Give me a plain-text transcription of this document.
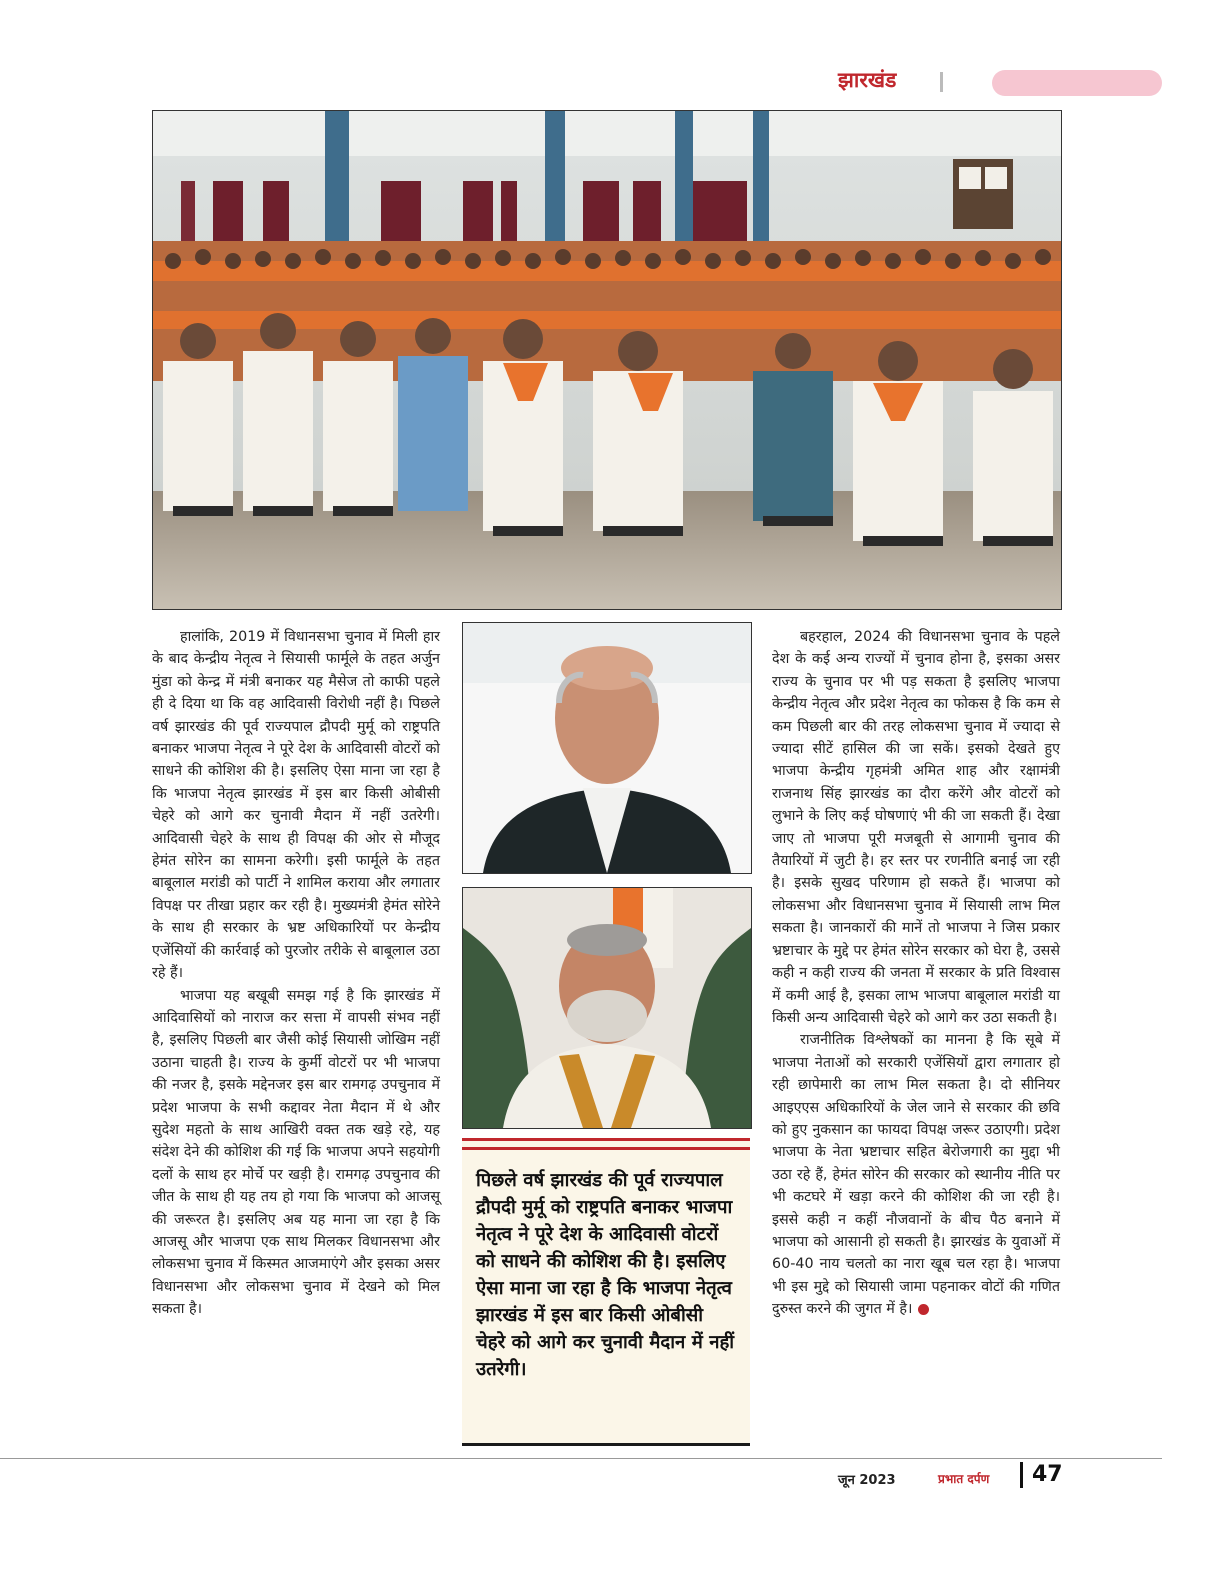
झारखंड

हालांकि, 2019 में विधानसभा चुनाव में मिली हार के बाद केन्द्रीय नेतृत्व ने सियासी फार्मूले के तहत अर्जुन मुंडा को केन्द्र में मंत्री बनाकर यह मैसेज तो काफी पहले ही दे दिया था कि वह आदिवासी विरोधी नहीं है। पिछले वर्ष झारखंड की पूर्व राज्यपाल द्रौपदी मुर्मू को राष्ट्रपति बनाकर भाजपा नेतृत्व ने पूरे देश के आदिवासी वोटरों को साधने की कोशिश की है। इसलिए ऐसा माना जा रहा है कि भाजपा नेतृत्व झारखंड में इस बार किसी ओबीसी चेहरे को आगे कर चुनावी मैदान में नहीं उतरेगी। आदिवासी चेहरे के साथ ही विपक्ष की ओर से मौजूद हेमंत सोरेन का सामना करेगी। इसी फार्मूले के तहत बाबूलाल मरांडी को पार्टी ने शामिल कराया और लगातार विपक्ष पर तीखा प्रहार कर रही है। मुख्यमंत्री हेमंत सोरेने के साथ ही सरकार के भ्रष्ट अधिकारियों पर केन्द्रीय एजेंसियों की कार्रवाई को पुरजोर तरीके से बाबूलाल उठा रहे हैं।

भाजपा यह बखूबी समझ गई है कि झारखंड में आदिवासियों को नाराज कर सत्ता में वापसी संभव नहीं है, इसलिए पिछली बार जैसी कोई सियासी जोखिम नहीं उठाना चाहती है। राज्य के कुर्मी वोटरों पर भी भाजपा की नजर है, इसके मद्देनजर इस बार रामगढ़ उपचुनाव में प्रदेश भाजपा के सभी कद्दावर नेता मैदान में थे और सुदेश महतो के साथ आखिरी वक्त तक खड़े रहे, यह संदेश देने की कोशिश की गई कि भाजपा अपने सहयोगी दलों के साथ हर मोर्चे पर खड़ी है। रामगढ़ उपचुनाव की जीत के साथ ही यह तय हो गया कि भाजपा को आजसू की जरूरत है। इसलिए अब यह माना जा रहा है कि आजसू और भाजपा एक साथ मिलकर विधानसभा और लोकसभा चुनाव में किस्मत आजमाएंगे और इसका असर विधानसभा और लोकसभा चुनाव में देखने को मिल सकता है।

पिछले वर्ष झारखंड की पूर्व राज्यपाल द्रौपदी मुर्मू को राष्ट्रपति बनाकर भाजपा नेतृत्व ने पूरे देश के आदिवासी वोटरों को साधने की कोशिश की है। इसलिए ऐसा माना जा रहा है कि भाजपा नेतृत्व झारखंड में इस बार किसी ओबीसी चेहरे को आगे कर चुनावी मैदान में नहीं उतरेगी।

बहरहाल, 2024 की विधानसभा चुनाव के पहले देश के कई अन्य राज्यों में चुनाव होना है, इसका असर राज्य के चुनाव पर भी पड़ सकता है इसलिए भाजपा केन्द्रीय नेतृत्व और प्रदेश नेतृत्व का फोकस है कि कम से कम पिछली बार की तरह लोकसभा चुनाव में ज्यादा से ज्यादा सीटें हासिल की जा सकें। इसको देखते हुए भाजपा केन्द्रीय गृहमंत्री अमित शाह और रक्षामंत्री राजनाथ सिंह झारखंड का दौरा करेंगे और वोटरों को लुभाने के लिए कई घोषणाएं भी की जा सकती हैं। देखा जाए तो भाजपा पूरी मजबूती से आगामी चुनाव की तैयारियों में जुटी है। हर स्तर पर रणनीति बनाई जा रही है। इसके सुखद परिणाम हो सकते हैं। भाजपा को लोकसभा और विधानसभा चुनाव में सियासी लाभ मिल सकता है। जानकारों की मानें तो भाजपा ने जिस प्रकार भ्रष्टाचार के मुद्दे पर हेमंत सोरेन सरकार को घेरा है, उससे कही न कही राज्य की जनता में सरकार के प्रति विश्वास में कमी आई है, इसका लाभ भाजपा बाबूलाल मरांडी या किसी अन्य आदिवासी चेहरे को आगे कर उठा सकती है।

राजनीतिक विश्लेषकों का मानना है कि सूबे में भाजपा नेताओं को सरकारी एजेंसियों द्वारा लगातार हो रही छापेमारी का लाभ मिल सकता है। दो सीनियर आइएएस अधिकारियों के जेल जाने से सरकार की छवि को हुए नुकसान का फायदा विपक्ष जरूर उठाएगी। प्रदेश भाजपा के नेता भ्रष्टाचार सहित बेरोजगारी का मुद्दा भी उठा रहे हैं, हेमंत सोरेन की सरकार को स्थानीय नीति पर भी कटघरे में खड़ा करने की कोशिश की जा रही है। इससे कही न कहीं नौजवानों के बीच पैठ बनाने में भाजपा को आसानी हो सकती है। झारखंड के युवाओं में 60-40 नाय चलतो का नारा खूब चल रहा है। भाजपा भी इस मुद्दे को सियासी जामा पहनाकर वोटों की गणित दुरुस्त करने की जुगत में है।

जून 2023	प्रभात दर्पण 47
